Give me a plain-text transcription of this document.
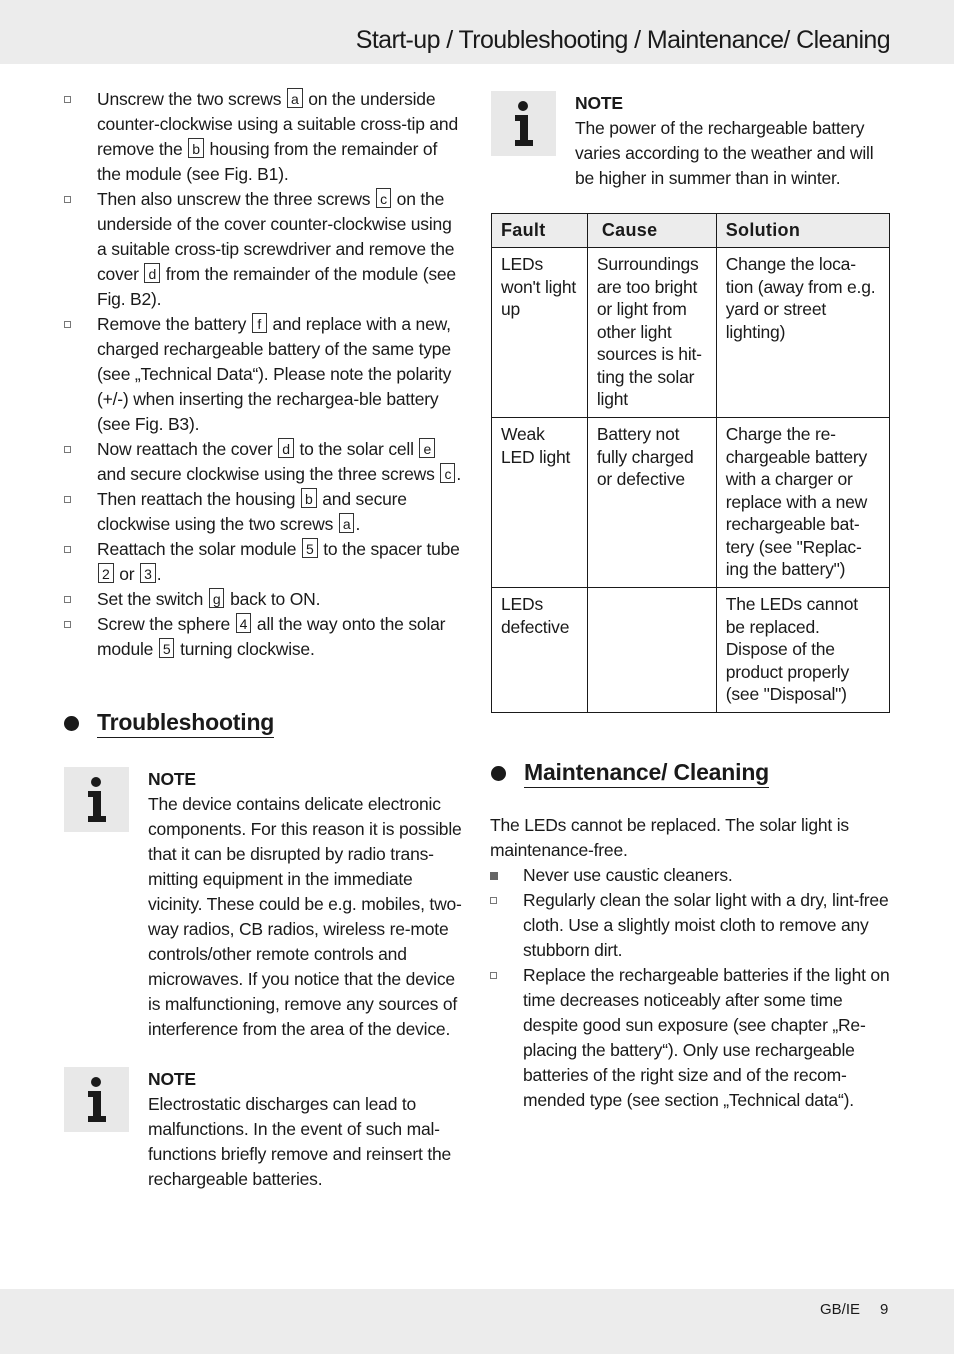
Start-up / Troubleshooting / Maintenance/ Cleaning
Unscrew the two screws a on the underside counter-clockwise using a suitable cross-tip and remove the b housing from the remainder of the module (see Fig. B1).
Then also unscrew the three screws c on the underside of the cover counter-clockwise using a suitable cross-tip screwdriver and remove the cover d from the remainder of the module (see Fig. B2).
Remove the battery f and replace with a new, charged rechargeable battery of the same type (see „Technical Data“). Please note the polarity (+/-) when inserting the rechargea-ble battery (see Fig. B3).
Now reattach the cover d to the solar cell e and secure clockwise using the three screws c .
Then reattach the housing b and secure clockwise using the two screws a .
Reattach the solar module 5 to the spacer tube 2 or 3 .
Set the switch g back to ON.
Screw the sphere 4 all the way onto the solar module 5 turning clockwise.
Troubleshooting
NOTE
The device contains delicate electronic components. For this reason it is possible that it can be disrupted by radio trans-mitting equipment in the immediate vicinity. These could be e.g. mobiles, two-way radios, CB radios, wireless re-mote controls/other remote controls and microwaves. If you notice that the device is malfunctioning, remove any sources of interference from the area of the device.
NOTE
Electrostatic discharges can lead to malfunctions. In the event of such mal-functions briefly remove and reinsert the rechargeable batteries.
NOTE
The power of the rechargeable battery varies according to the weather and will be higher in summer than in winter.
Fault	Cause	Solution
LEDs won't light up	Surroundings are too bright or light from other light sources is hit-ting the solar light	Change the loca-tion (away from e.g. yard or street lighting)
Weak LED light	Battery not fully charged or defective	Charge the re-chargeable battery with a charger or replace with a new rechargeable bat-tery (see "Replac-ing the battery")
LEDs defective		The LEDs cannot be replaced. Dispose of the product properly (see "Disposal")
Maintenance/ Cleaning
The LEDs cannot be replaced. The solar light is maintenance-free.
Never use caustic cleaners.
Regularly clean the solar light with a dry, lint-free cloth. Use a slightly moist cloth to remove any stubborn dirt.
Replace the rechargeable batteries if the light on time decreases noticeably after some time despite good sun exposure (see chapter „Re-placing the battery“). Only use rechargeable batteries of the right size and of the recom-mended type (see section „Technical data“).
GB/IE 9
